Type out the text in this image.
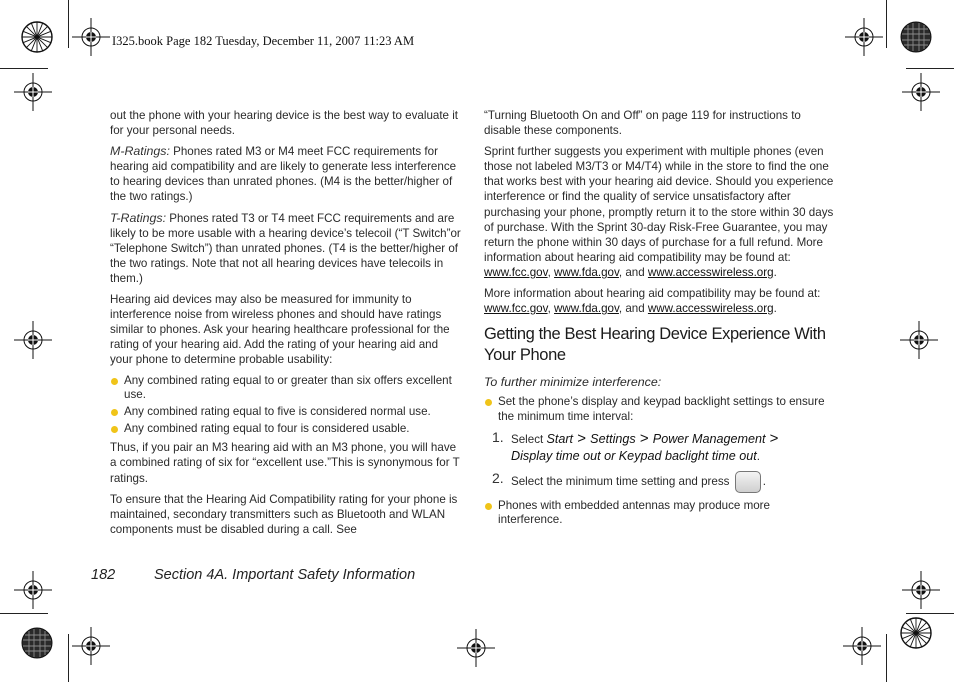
I325.book Page 182 Tuesday, December 11, 2007 11:23 AM

out the phone with your hearing device is the best way to evaluate it for your personal needs.

M-Ratings: Phones rated M3 or M4 meet FCC requirements for hearing aid compatibility and are likely to generate less interference to hearing devices than unrated phones. (M4 is the better/higher of the two ratings.)

T-Ratings: Phones rated T3 or T4 meet FCC requirements and are likely to be more usable with a hearing device’s telecoil (“T Switch”or “Telephone Switch”) than unrated phones. (T4 is the better/higher of the two ratings. Note that not all hearing devices have telecoils in them.)

Hearing aid devices may also be measured for immunity to interference noise from wireless phones and should have ratings similar to phones. Ask your hearing healthcare professional for the rating of your hearing aid. Add the rating of your hearing aid and your phone to determine probable usability:

Any combined rating equal to or greater than six offers excellent use.
Any combined rating equal to five is considered normal use.
Any combined rating equal to four is considered usable.

Thus, if you pair an M3 hearing aid with an M3 phone, you will have a combined rating of six for “excellent use.”This is synonymous for T ratings.

To ensure that the Hearing Aid Compatibility rating for your phone is maintained, secondary transmitters such as Bluetooth and WLAN components must be disabled during a call. See

“Turning Bluetooth On and Off” on page 119 for instructions to disable these components.

Sprint further suggests you experiment with multiple phones (even those not labeled M3/T3 or M4/T4) while in the store to find the one that works best with your hearing aid device. Should you experience interference or find the quality of service unsatisfactory after purchasing your phone, promptly return it to the store within 30 days of purchase. With the Sprint 30-day Risk-Free Guarantee, you may return the phone within 30 days of purchase for a full refund. More information about hearing aid compatibility may be found at: www.fcc.gov, www.fda.gov, and www.accesswireless.org.

More information about hearing aid compatibility may be found at: www.fcc.gov, www.fda.gov, and www.accesswireless.org.

Getting the Best Hearing Device Experience With Your Phone
To further minimize interference:
Set the phone’s display and keypad backlight settings to ensure the minimum time interval:
1. Select Start > Settings > Power Management >
Display time out or Keypad baclight time out.
2. Select the minimum time setting and press	.
Phones with embedded antennas may produce more interference.
182	Section 4A. Important Safety Information
